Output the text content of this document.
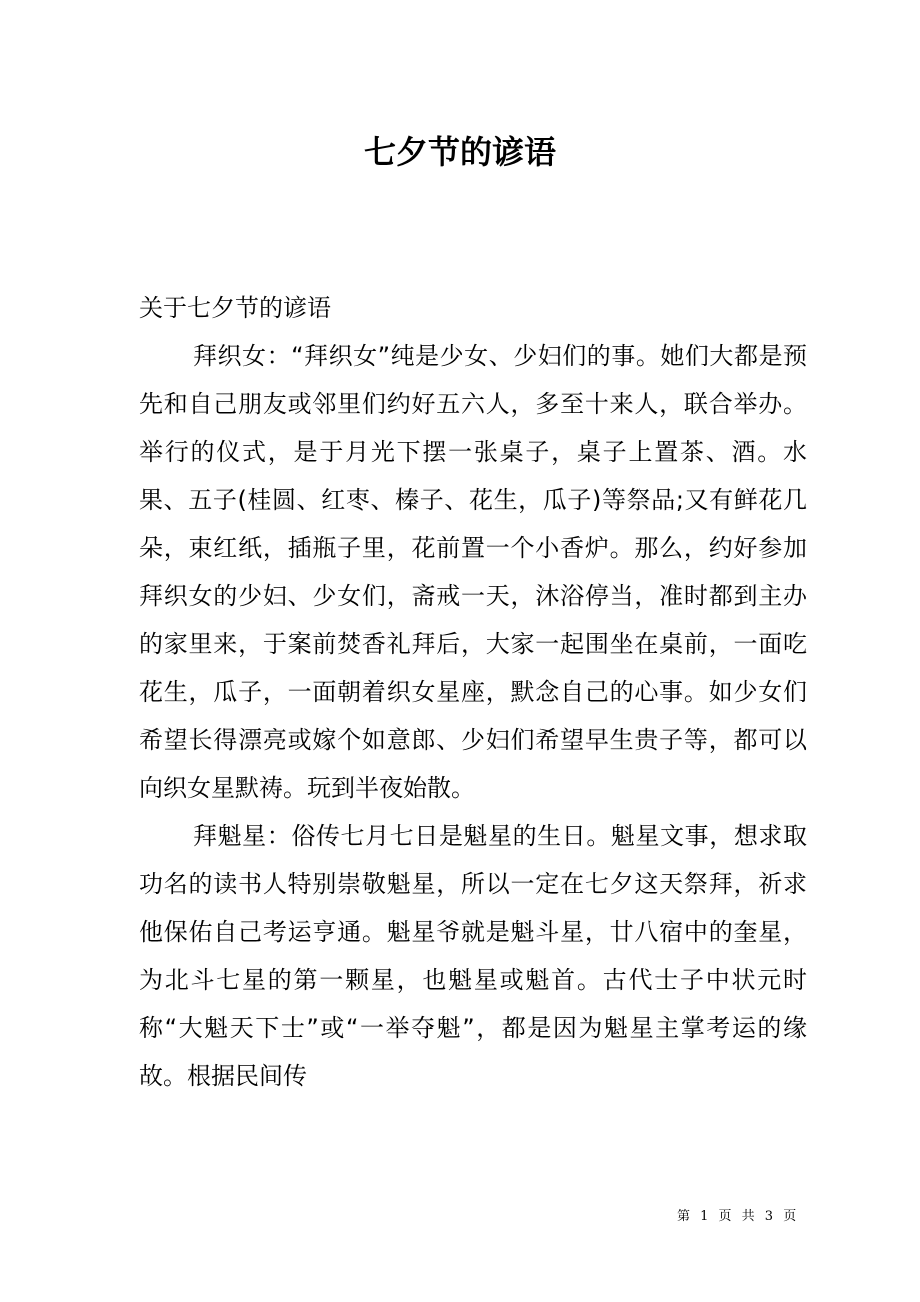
七夕节的谚语

关于七夕节的谚语

拜织女：“拜织女”纯是少女、少妇们的事。她们大都是预先和自己朋友或邻里们约好五六人，多至十来人，联合举办。举行的仪式，是于月光下摆一张桌子，桌子上置茶、酒。水果、五子(桂圆、红枣、榛子、花生，瓜子)等祭品;又有鲜花几朵，束红纸，插瓶子里，花前置一个小香炉。那么，约好参加拜织女的少妇、少女们，斋戒一天，沐浴停当，准时都到主办的家里来，于案前焚香礼拜后，大家一起围坐在桌前，一面吃花生，瓜子，一面朝着织女星座，默念自己的心事。如少女们希望长得漂亮或嫁个如意郎、少妇们希望早生贵子等，都可以向织女星默祷。玩到半夜始散。

拜魁星：俗传七月七日是魁星的生日。魁星文事，想求取功名的读书人特别崇敬魁星，所以一定在七夕这天祭拜，祈求他保佑自己考运亨通。魁星爷就是魁斗星，廿八宿中的奎星，为北斗七星的第一颗星，也魁星或魁首。古代士子中状元时称“大魁天下士”或“一举夺魁”，都是因为魁星主掌考运的缘故。根据民间传

第 1 页 共 3 页
